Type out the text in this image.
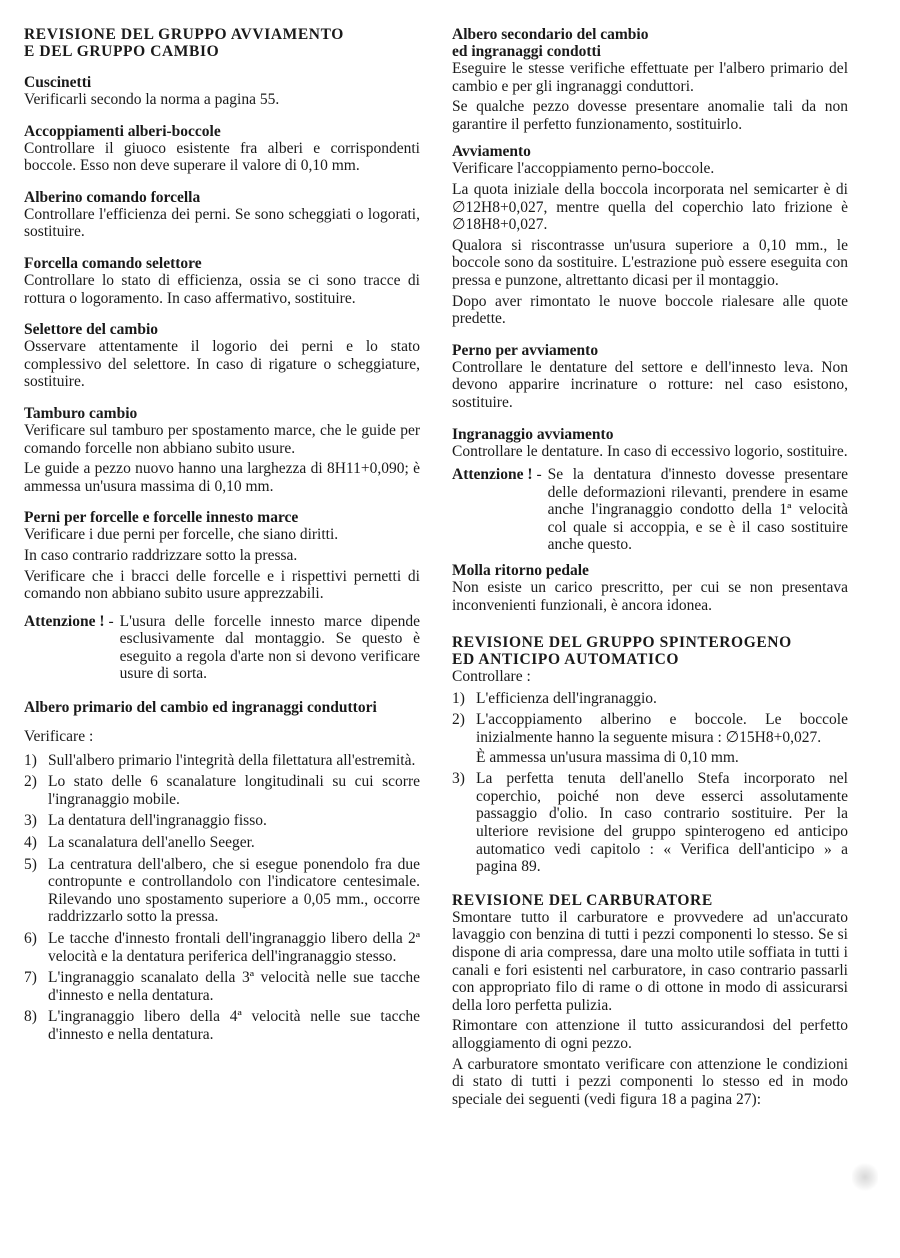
REVISIONE DEL GRUPPO AVVIAMENTO
E DEL GRUPPO CAMBIO
Cuscinetti

Verificarli secondo la norma a pagina 55.

Accoppiamenti alberi-boccole

Controllare il giuoco esistente fra alberi e corrispondenti boccole. Esso non deve superare il valore di 0,10 mm.

Alberino comando forcella

Controllare l'efficienza dei perni. Se sono scheggiati o logorati, sostituire.

Forcella comando selettore

Controllare lo stato di efficienza, ossia se ci sono tracce di rottura o logoramento. In caso affermativo, sostituire.

Selettore del cambio

Osservare attentamente il logorio dei perni e lo stato complessivo del selettore. In caso di rigature o scheggiature, sostituire.

Tamburo cambio

Verificare sul tamburo per spostamento marce, che le guide per comando forcelle non abbiano subito usure.

Le guide a pezzo nuovo hanno una larghezza di 8H11+0,090; è ammessa un'usura massima di 0,10 mm.

Perni per forcelle e forcelle innesto marce

Verificare i due perni per forcelle, che siano diritti.

In caso contrario raddrizzare sotto la pressa.

Verificare che i bracci delle forcelle e i rispettivi pernetti di comando non abbiano subito usure apprezzabili.

Attenzione ! - L'usura delle forcelle innesto marce dipende esclusivamente dal montaggio. Se questo è eseguito a regola d'arte non si devono verificare usure di sorta.
Albero primario del cambio ed ingranaggi conduttori

Verificare :

1) Sull'albero primario l'integrità della filettatura all'estremità.
2) Lo stato delle 6 scanalature longitudinali su cui scorre l'ingranaggio mobile.
3) La dentatura dell'ingranaggio fisso.
4) La scanalatura dell'anello Seeger.
5) La centratura dell'albero, che si esegue ponendolo fra due contropunte e controllandolo con l'indicatore centesimale. Rilevando uno spostamento superiore a 0,05 mm., occorre raddrizzarlo sotto la pressa.
6) Le tacche d'innesto frontali dell'ingranaggio libero della 2ª velocità e la dentatura periferica dell'ingranaggio stesso.
7) L'ingranaggio scanalato della 3ª velocità nelle sue tacche d'innesto e nella dentatura.
8) L'ingranaggio libero della 4ª velocità nelle sue tacche d'innesto e nella dentatura.
Albero secondario del cambio
ed ingranaggi condotti

Eseguire le stesse verifiche effettuate per l'albero primario del cambio e per gli ingranaggi conduttori.

Se qualche pezzo dovesse presentare anomalie tali da non garantire il perfetto funzionamento, sostituirlo.

Avviamento

Verificare l'accoppiamento perno-boccole.

La quota iniziale della boccola incorporata nel semicarter è di ∅12H8+0,027, mentre quella del coperchio lato frizione è ∅18H8+0,027.

Qualora si riscontrasse un'usura superiore a 0,10 mm., le boccole sono da sostituire. L'estrazione può essere eseguita con pressa e punzone, altrettanto dicasi per il montaggio.

Dopo aver rimontato le nuove boccole rialesare alle quote predette.

Perno per avviamento

Controllare le dentature del settore e dell'innesto leva. Non devono apparire incrinature o rotture: nel caso esistono, sostituire.

Ingranaggio avviamento

Controllare le dentature. In caso di eccessivo logorio, sostituire.

Attenzione ! - Se la dentatura d'innesto dovesse presentare delle deformazioni rilevanti, prendere in esame anche l'ingranaggio condotto della 1ª velocità col quale si accoppia, e se è il caso sostituire anche questo.
Molla ritorno pedale

Non esiste un carico prescritto, per cui se non presentava inconvenienti funzionali, è ancora idonea.

REVISIONE DEL GRUPPO SPINTEROGENO
ED ANTICIPO AUTOMATICO

Controllare :

1) L'efficienza dell'ingranaggio.
2) L'accoppiamento alberino e boccole. Le boccole inizialmente hanno la seguente misura : ∅15H8+0,027.
È ammessa un'usura massima di 0,10 mm.
3) La perfetta tenuta dell'anello Stefa incorporato nel coperchio, poiché non deve esserci assolutamente passaggio d'olio. In caso contrario sostituire. Per la ulteriore revisione del gruppo spinterogeno ed anticipo automatico vedi capitolo : « Verifica dell'anticipo » a pagina 89.
REVISIONE DEL CARBURATORE

Smontare tutto il carburatore e provvedere ad un'accurato lavaggio con benzina di tutti i pezzi componenti lo stesso. Se si dispone di aria compressa, dare una molto utile soffiata in tutti i canali e fori esistenti nel carburatore, in caso contrario passarli con appropriato filo di rame o di ottone in modo di assicurarsi della loro perfetta pulizia.

Rimontare con attenzione il tutto assicurandosi del perfetto alloggiamento di ogni pezzo.

A carburatore smontato verificare con attenzione le condizioni di stato di tutti i pezzi componenti lo stesso ed in modo speciale dei seguenti (vedi figura 18 a pagina 27):
